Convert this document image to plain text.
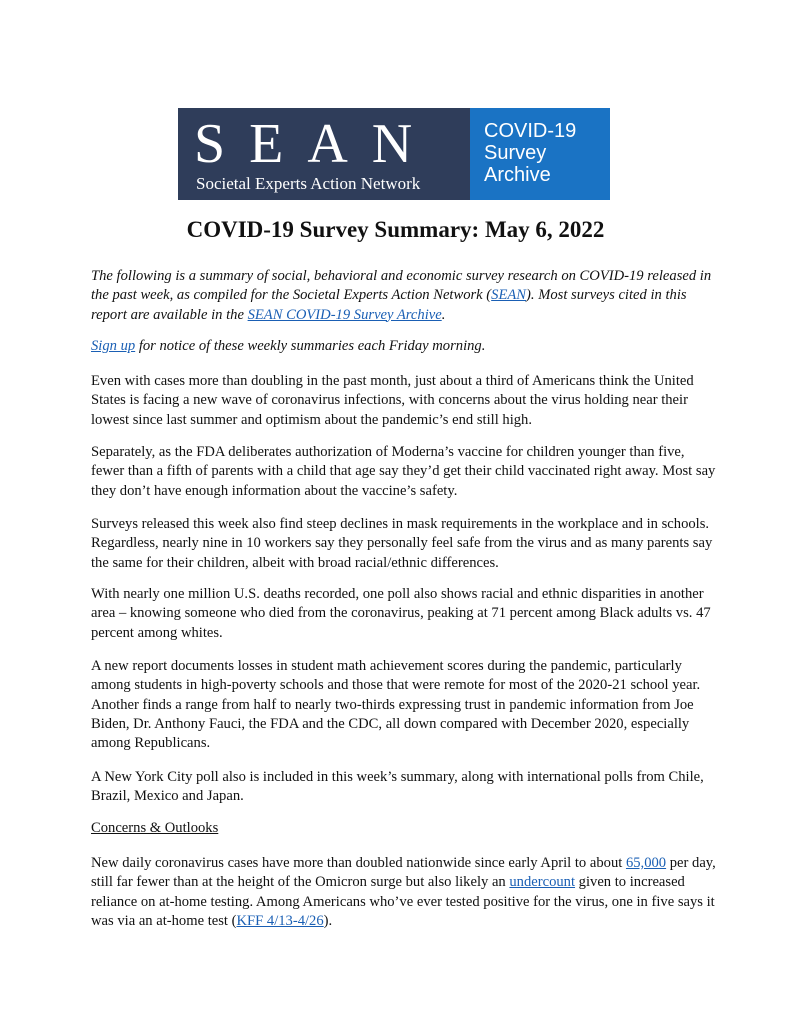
SEAN
Societal Experts Action Network
COVID-19
Survey
Archive
COVID-19 Survey Summary: May 6, 2022
The following is a summary of social, behavioral and economic survey research on COVID-19 released in the past week, as compiled for the Societal Experts Action Network (SEAN). Most surveys cited in this report are available in the SEAN COVID-19 Survey Archive.
Sign up for notice of these weekly summaries each Friday morning.
Even with cases more than doubling in the past month, just about a third of Americans think the United States is facing a new wave of coronavirus infections, with concerns about the virus holding near their lowest since last summer and optimism about the pandemic’s end still high.
Separately, as the FDA deliberates authorization of Moderna’s vaccine for children younger than five, fewer than a fifth of parents with a child that age say they’d get their child vaccinated right away. Most say they don’t have enough information about the vaccine’s safety.
Surveys released this week also find steep declines in mask requirements in the workplace and in schools. Regardless, nearly nine in 10 workers say they personally feel safe from the virus and as many parents say the same for their children, albeit with broad racial/ethnic differences.
With nearly one million U.S. deaths recorded, one poll also shows racial and ethnic disparities in another area – knowing someone who died from the coronavirus, peaking at 71 percent among Black adults vs. 47 percent among whites.
A new report documents losses in student math achievement scores during the pandemic, particularly among students in high-poverty schools and those that were remote for most of the 2020-21 school year. Another finds a range from half to nearly two-thirds expressing trust in pandemic information from Joe Biden, Dr. Anthony Fauci, the FDA and the CDC, all down compared with December 2020, especially among Republicans.
A New York City poll also is included in this week’s summary, along with international polls from Chile, Brazil, Mexico and Japan.
Concerns & Outlooks
New daily coronavirus cases have more than doubled nationwide since early April to about 65,000 per day, still far fewer than at the height of the Omicron surge but also likely an undercount given to increased reliance on at-home testing. Among Americans who’ve ever tested positive for the virus, one in five says it was via an at-home test (KFF 4/13-4/26).
